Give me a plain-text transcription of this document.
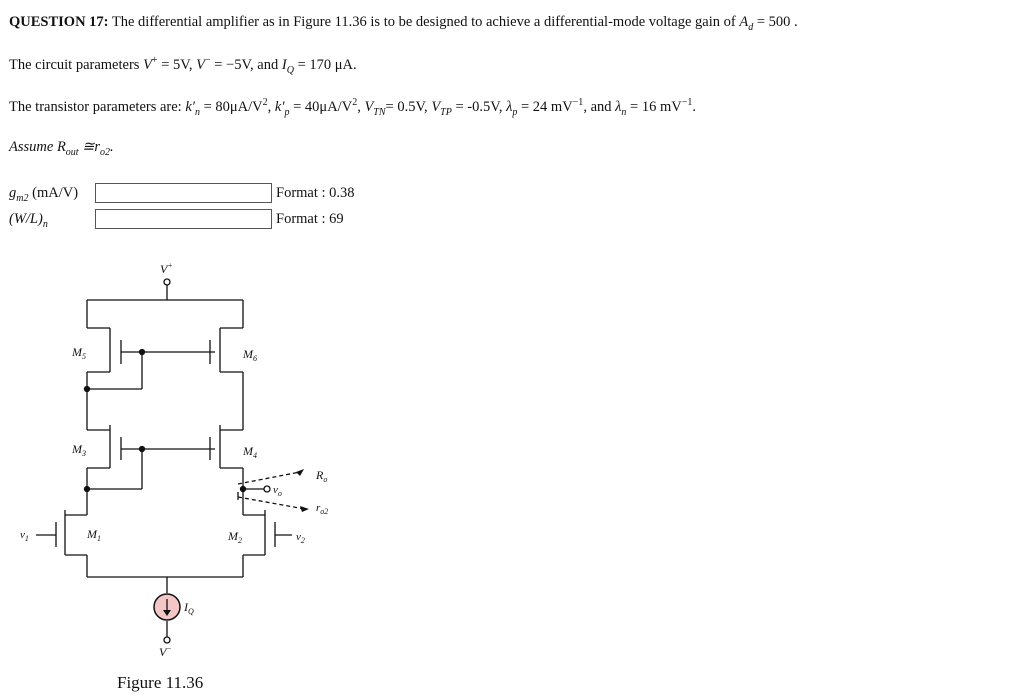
QUESTION 17: The differential amplifier as in Figure 11.36 is to be designed to achieve a differential-mode voltage gain of $A_d = 500$ .
The circuit parameters V+ = 5V, V− = −5V, and $I_Q = 170$ μA.
The transistor parameters are: $k'_n = 80\mu A/V^2$, $k'_p = 40\mu A/V^2$, $V_{TN}= 0.5V$, $V_{TP} = -0.5V$, $\lambda_p = 24$ $mV^{-1}$, and $\lambda_n = 16$ $mV^{-1}$.
Assume $R_{out}$ $≅r_{o2}$.
$g_{m2}$ (mA/V)	Format : 0.38
$(W/L)_n$	Format : 69
V+
$M_5$	$M_6$
$M_3$	$M_4$
$M_1$	$M_2$
$v_1$	$v_2$
$v_o$
$R_o$
$r_{o2}$
$I_Q$
V−
Figure 11.36
